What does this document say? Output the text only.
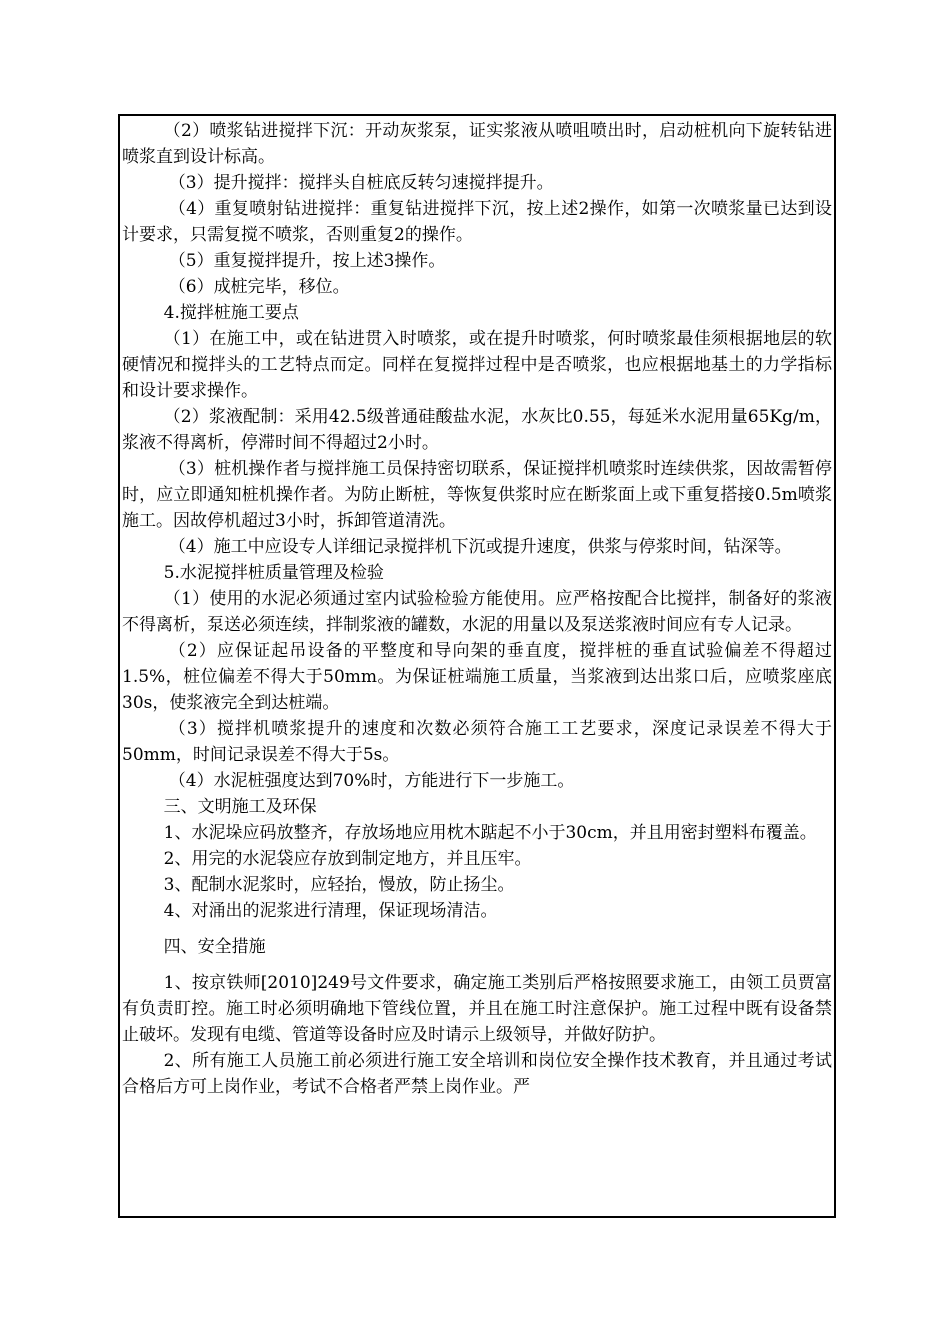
（2）喷浆钻进搅拌下沉：开动灰浆泵，证实浆液从喷咀喷出时，启动桩机向下旋转钻进喷浆直到设计标高。

（3）提升搅拌：搅拌头自桩底反转匀速搅拌提升。

（4）重复喷射钻进搅拌：重复钻进搅拌下沉，按上述2操作，如第一次喷浆量已达到设计要求，只需复搅不喷浆，否则重复2的操作。

（5）重复搅拌提升，按上述3操作。

（6）成桩完毕，移位。

4.搅拌桩施工要点

（1）在施工中，或在钻进贯入时喷浆，或在提升时喷浆，何时喷浆最佳须根据地层的软硬情况和搅拌头的工艺特点而定。同样在复搅拌过程中是否喷浆，也应根据地基土的力学指标和设计要求操作。

（2）浆液配制：采用42.5级普通硅酸盐水泥，水灰比0.55，每延米水泥用量65Kg/m，浆液不得离析，停滞时间不得超过2小时。

（3）桩机操作者与搅拌施工员保持密切联系，保证搅拌机喷浆时连续供浆，因故需暂停时，应立即通知桩机操作者。为防止断桩，等恢复供浆时应在断浆面上或下重复搭接0.5m喷浆施工。因故停机超过3小时，拆卸管道清洗。

（4）施工中应设专人详细记录搅拌机下沉或提升速度，供浆与停浆时间，钻深等。

5.水泥搅拌桩质量管理及检验

（1）使用的水泥必须通过室内试验检验方能使用。应严格按配合比搅拌，制备好的浆液不得离析，泵送必须连续，拌制浆液的罐数，水泥的用量以及泵送浆液时间应有专人记录。

（2）应保证起吊设备的平整度和导向架的垂直度，搅拌桩的垂直试验偏差不得超过1.5%，桩位偏差不得大于50mm。为保证桩端施工质量，当浆液到达出浆口后，应喷浆座底30s，使浆液完全到达桩端。

（3）搅拌机喷浆提升的速度和次数必须符合施工工艺要求，深度记录误差不得大于50mm，时间记录误差不得大于5s。

（4）水泥桩强度达到70%时，方能进行下一步施工。

三、文明施工及环保

1、水泥垛应码放整齐，存放场地应用枕木踮起不小于30cm，并且用密封塑料布覆盖。

2、用完的水泥袋应存放到制定地方，并且压牢。

3、配制水泥浆时，应轻抬，慢放，防止扬尘。

4、对涌出的泥浆进行清理，保证现场清洁。

四、安全措施

1、按京铁师[2010]249号文件要求，确定施工类别后严格按照要求施工，由领工员贾富有负责盯控。施工时必须明确地下管线位置，并且在施工时注意保护。施工过程中既有设备禁止破坏。发现有电缆、管道等设备时应及时请示上级领导，并做好防护。

2、所有施工人员施工前必须进行施工安全培训和岗位安全操作技术教育，并且通过考试合格后方可上岗作业，考试不合格者严禁上岗作业。严
